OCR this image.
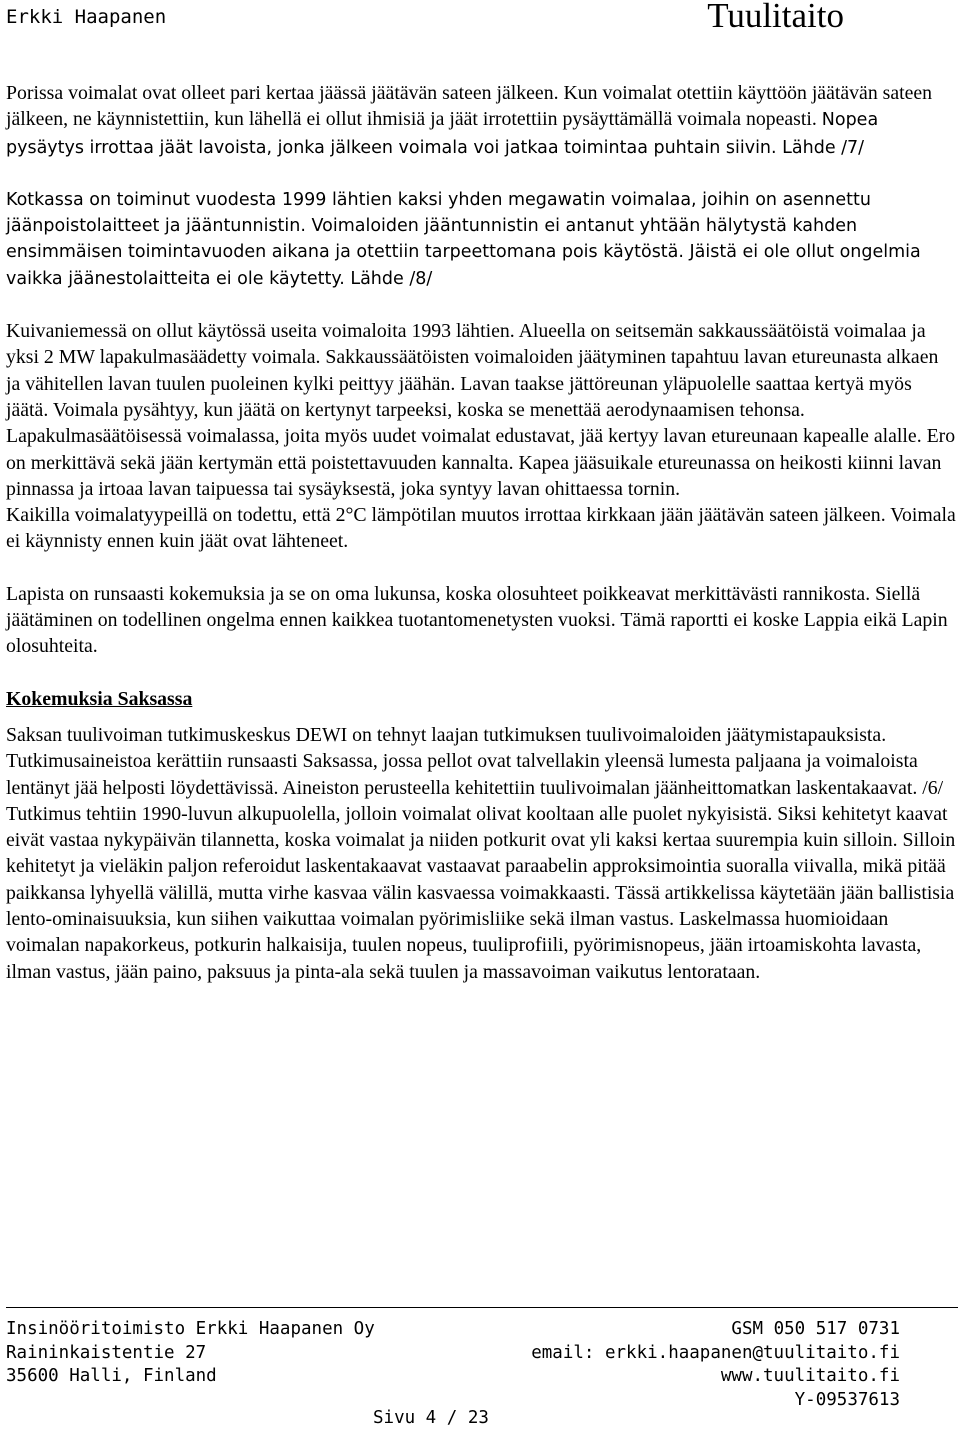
Erkki Haapanen	Tuulitaito

Porissa voimalat ovat olleet pari kertaa jäässä jäätävän sateen jälkeen. Kun voimalat otettiin käyttöön jäätävän sateen jälkeen, ne käynnistettiin, kun lähellä ei ollut ihmisiä ja jäät irrotettiin pysäyttämällä voimala nopeasti. Nopea pysäytys irrottaa jäät lavoista, jonka jälkeen voimala voi jatkaa toimintaa puhtain siivin. Lähde /7/

Kotkassa on toiminut vuodesta 1999 lähtien kaksi yhden megawatin voimalaa, joihin on asennettu jäänpoistolaitteet ja jääntunnistin. Voimaloiden jääntunnistin ei antanut yhtään hälytystä kahden ensimmäisen toimintavuoden aikana ja otettiin tarpeettomana pois käytöstä. Jäistä ei ole ollut ongelmia vaikka jäänestolaitteita ei ole käytetty. Lähde /8/

Kuivaniemessä on ollut käytössä useita voimaloita 1993 lähtien. Alueella on seitsemän sakkaussäätöistä voimalaa ja yksi 2 MW lapakulmasäädetty voimala. Sakkaussäätöisten voimaloiden jäätyminen tapahtuu lavan etureunasta alkaen ja vähitellen lavan tuulen puoleinen kylki peittyy jäähän. Lavan taakse jättöreunan yläpuolelle saattaa kertyä myös jäätä. Voimala pysähtyy, kun jäätä on kertynyt tarpeeksi, koska se menettää aerodynaamisen tehonsa. Lapakulmasäätöisessä voimalassa, joita myös uudet voimalat edustavat, jää kertyy lavan etureunaan kapealle alalle. Ero on merkittävä sekä jään kertymän että poistettavuuden kannalta. Kapea jääsuikale etureunassa on heikosti kiinni lavan pinnassa ja irtoaa lavan taipuessa tai sysäyksestä, joka syntyy lavan ohittaessa tornin.

Kaikilla voimalatyypeillä on todettu, että 2°C lämpötilan muutos irrottaa kirkkaan jään jäätävän sateen jälkeen. Voimala ei käynnisty ennen kuin jäät ovat lähteneet.

Lapista on runsaasti kokemuksia ja se on oma lukunsa, koska olosuhteet poikkeavat merkittävästi rannikosta. Siellä jäätäminen on todellinen ongelma ennen kaikkea tuotantomenetysten vuoksi. Tämä raportti ei koske Lappia eikä Lapin olosuhteita.

Kokemuksia Saksassa

Saksan tuulivoiman tutkimuskeskus DEWI on tehnyt laajan tutkimuksen tuulivoimaloiden jäätymistapauksista. Tutkimusaineistoa kerättiin runsaasti Saksassa, jossa pellot ovat talvellakin yleensä lumesta paljaana ja voimaloista lentänyt jää helposti löydettävissä. Aineiston perusteella kehitettiin tuulivoimalan jäänheittomatkan laskentakaavat. /6/

Tutkimus tehtiin 1990-luvun alkupuolella, jolloin voimalat olivat kooltaan alle puolet nykyisistä. Siksi kehitetyt kaavat eivät vastaa nykypäivän tilannetta, koska voimalat ja niiden potkurit ovat yli kaksi kertaa suurempia kuin silloin. Silloin kehitetyt ja vieläkin paljon referoidut laskentakaavat vastaavat paraabelin approksimointia suoralla viivalla, mikä pitää paikkansa lyhyellä välillä, mutta virhe kasvaa välin kasvaessa voimakkaasti. Tässä artikkelissa käytetään jään ballistisia lento-ominaisuuksia, kun siihen vaikuttaa voimalan pyörimisliike sekä ilman vastus. Laskelmassa huomioidaan voimalan napakorkeus, potkurin halkaisija, tuulen nopeus, tuuliprofiili, pyörimisnopeus, jään irtoamiskohta lavasta, ilman vastus, jään paino, paksuus ja pinta-ala sekä tuulen ja massavoiman vaikutus lentorataan.

Insinööritoimisto Erkki Haapanen Oy
Raininkaistentie 27
35600 Halli, Finland
GSM 050 517 0731
email: erkki.haapanen@tuulitaito.fi
www.tuulitaito.fi
Y-09537613
Sivu 4 / 23
